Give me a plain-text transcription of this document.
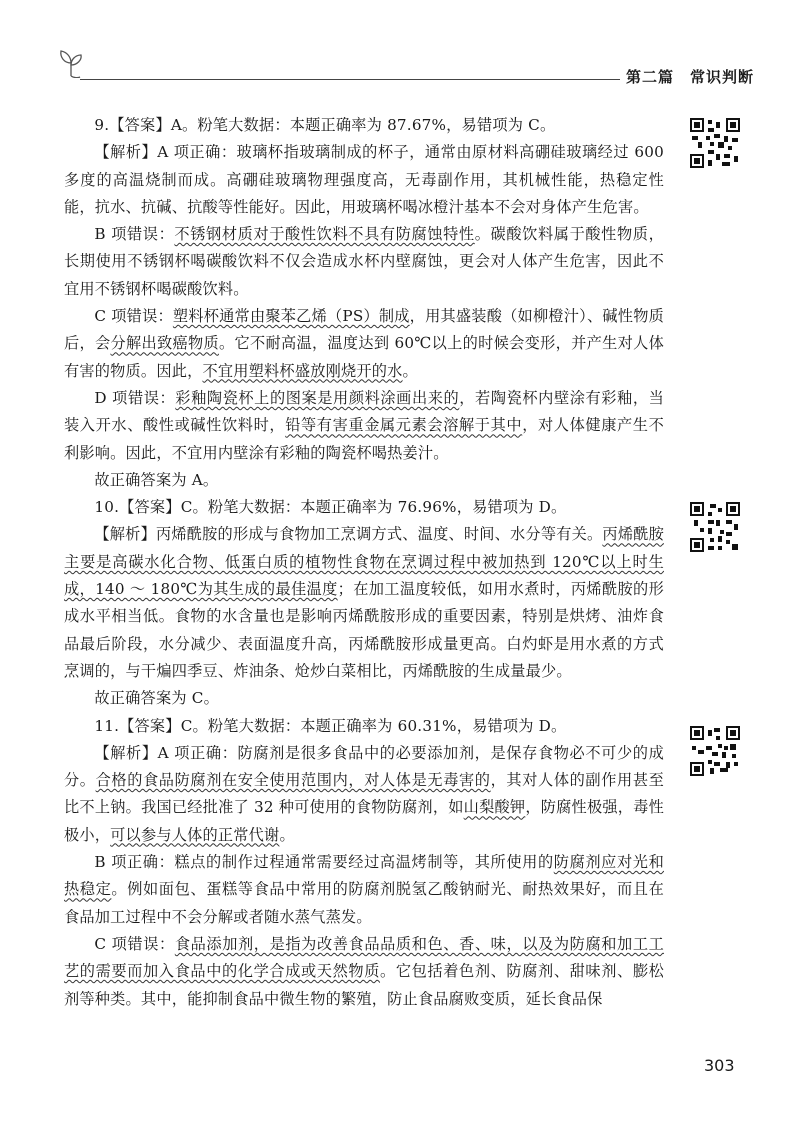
第二篇　常识判断

9.【答案】A。粉笔大数据：本题正确率为 87.67%，易错项为 C。

【解析】A 项正确：玻璃杯指玻璃制成的杯子，通常由原材料高硼硅玻璃经过 600 多度的高温烧制而成。高硼硅玻璃物理强度高，无毒副作用，其机械性能，热稳定性能，抗水、抗碱、抗酸等性能好。因此，用玻璃杯喝冰橙汁基本不会对身体产生危害。

B 项错误：不锈钢材质对于酸性饮料不具有防腐蚀特性。碳酸饮料属于酸性物质，长期使用不锈钢杯喝碳酸饮料不仅会造成水杯内壁腐蚀，更会对人体产生危害，因此不宜用不锈钢杯喝碳酸饮料。

C 项错误：塑料杯通常由聚苯乙烯（PS）制成，用其盛装酸（如柳橙汁）、碱性物质后，会分解出致癌物质。它不耐高温，温度达到 60℃以上的时候会变形，并产生对人体有害的物质。因此，不宜用塑料杯盛放刚烧开的水。

D 项错误：彩釉陶瓷杯上的图案是用颜料涂画出来的，若陶瓷杯内壁涂有彩釉，当装入开水、酸性或碱性饮料时，铅等有害重金属元素会溶解于其中，对人体健康产生不利影响。因此，不宜用内壁涂有彩釉的陶瓷杯喝热姜汁。

故正确答案为 A。

10.【答案】C。粉笔大数据：本题正确率为 76.96%，易错项为 D。

【解析】丙烯酰胺的形成与食物加工烹调方式、温度、时间、水分等有关。丙烯酰胺主要是高碳水化合物、低蛋白质的植物性食物在烹调过程中被加热到 120℃以上时生成，140 ～ 180℃为其生成的最佳温度；在加工温度较低，如用水煮时，丙烯酰胺的形成水平相当低。食物的水含量也是影响丙烯酰胺形成的重要因素，特别是烘烤、油炸食品最后阶段，水分减少、表面温度升高，丙烯酰胺形成量更高。白灼虾是用水煮的方式烹调的，与干煸四季豆、炸油条、炝炒白菜相比，丙烯酰胺的生成量最少。

故正确答案为 C。

11.【答案】C。粉笔大数据：本题正确率为 60.31%，易错项为 D。

【解析】A 项正确：防腐剂是很多食品中的必要添加剂，是保存食物必不可少的成分。合格的食品防腐剂在安全使用范围内，对人体是无毒害的，其对人体的副作用甚至比不上钠。我国已经批准了 32 种可使用的食物防腐剂，如山梨酸钾，防腐性极强，毒性极小，可以参与人体的正常代谢。

B 项正确：糕点的制作过程通常需要经过高温烤制等，其所使用的防腐剂应对光和热稳定。例如面包、蛋糕等食品中常用的防腐剂脱氢乙酸钠耐光、耐热效果好，而且在食品加工过程中不会分解或者随水蒸气蒸发。

C 项错误：食品添加剂，是指为改善食品品质和色、香、味，以及为防腐和加工工艺的需要而加入食品中的化学合成或天然物质。它包括着色剂、防腐剂、甜味剂、膨松剂等种类。其中，能抑制食品中微生物的繁殖，防止食品腐败变质，延长食品保

303
